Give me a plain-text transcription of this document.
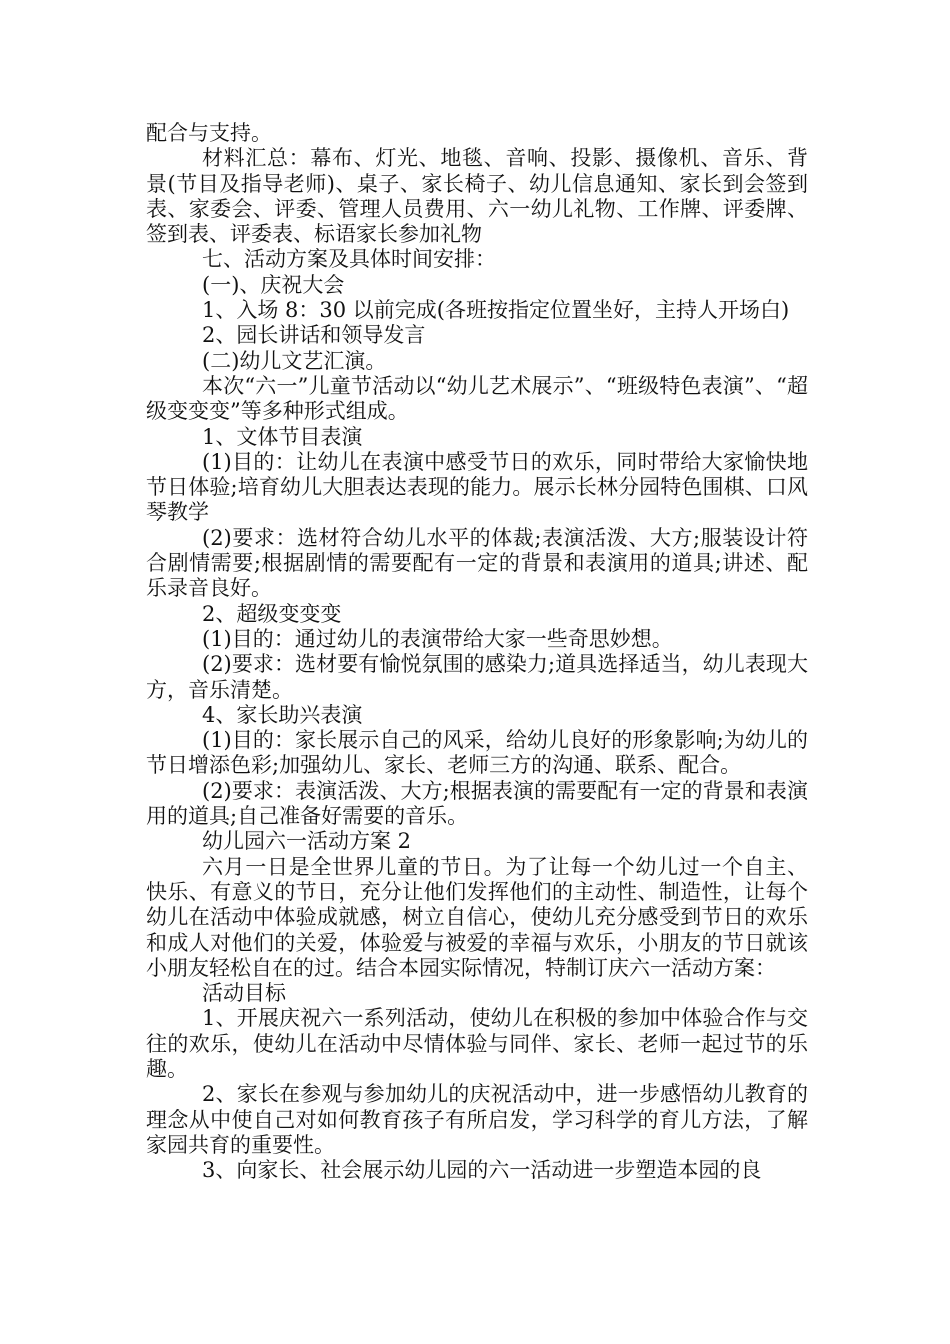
配合与支持。

材料汇总：幕布、灯光、地毯、音响、投影、摄像机、音乐、背景(节目及指导老师)、桌子、家长椅子、幼儿信息通知、家长到会签到表、家委会、评委、管理人员费用、六一幼儿礼物、工作牌、评委牌、签到表、评委表、标语家长参加礼物

七、活动方案及具体时间安排：

(一)、庆祝大会

1、入场 8：30 以前完成(各班按指定位置坐好，主持人开场白)

2、园长讲话和领导发言

(二)幼儿文艺汇演。

本次“六一”儿童节活动以“幼儿艺术展示”、“班级特色表演”、“超级变变变”等多种形式组成。

1、文体节目表演

(1)目的：让幼儿在表演中感受节日的欢乐，同时带给大家愉快地节日体验;培育幼儿大胆表达表现的能力。展示长林分园特色围棋、口风琴教学

(2)要求：选材符合幼儿水平的体裁;表演活泼、大方;服装设计符合剧情需要;根据剧情的需要配有一定的背景和表演用的道具;讲述、配乐录音良好。

2、超级变变变

(1)目的：通过幼儿的表演带给大家一些奇思妙想。

(2)要求：选材要有愉悦氛围的感染力;道具选择适当，幼儿表现大方，音乐清楚。

4、家长助兴表演

(1)目的：家长展示自己的风采，给幼儿良好的形象影响;为幼儿的节日增添色彩;加强幼儿、家长、老师三方的沟通、联系、配合。

(2)要求：表演活泼、大方;根据表演的需要配有一定的背景和表演用的道具;自己准备好需要的音乐。

幼儿园六一活动方案 2

六月一日是全世界儿童的节日。为了让每一个幼儿过一个自主、快乐、有意义的节日，充分让他们发挥他们的主动性、制造性，让每个幼儿在活动中体验成就感，树立自信心，使幼儿充分感受到节日的欢乐和成人对他们的关爱，体验爱与被爱的幸福与欢乐，小朋友的节日就该小朋友轻松自在的过。结合本园实际情况，特制订庆六一活动方案：

活动目标

1、开展庆祝六一系列活动，使幼儿在积极的参加中体验合作与交往的欢乐，使幼儿在活动中尽情体验与同伴、家长、老师一起过节的乐趣。

2、家长在参观与参加幼儿的庆祝活动中，进一步感悟幼儿教育的理念从中使自己对如何教育孩子有所启发，学习科学的育儿方法，了解家园共育的重要性。

3、向家长、社会展示幼儿园的六一活动进一步塑造本园的良
